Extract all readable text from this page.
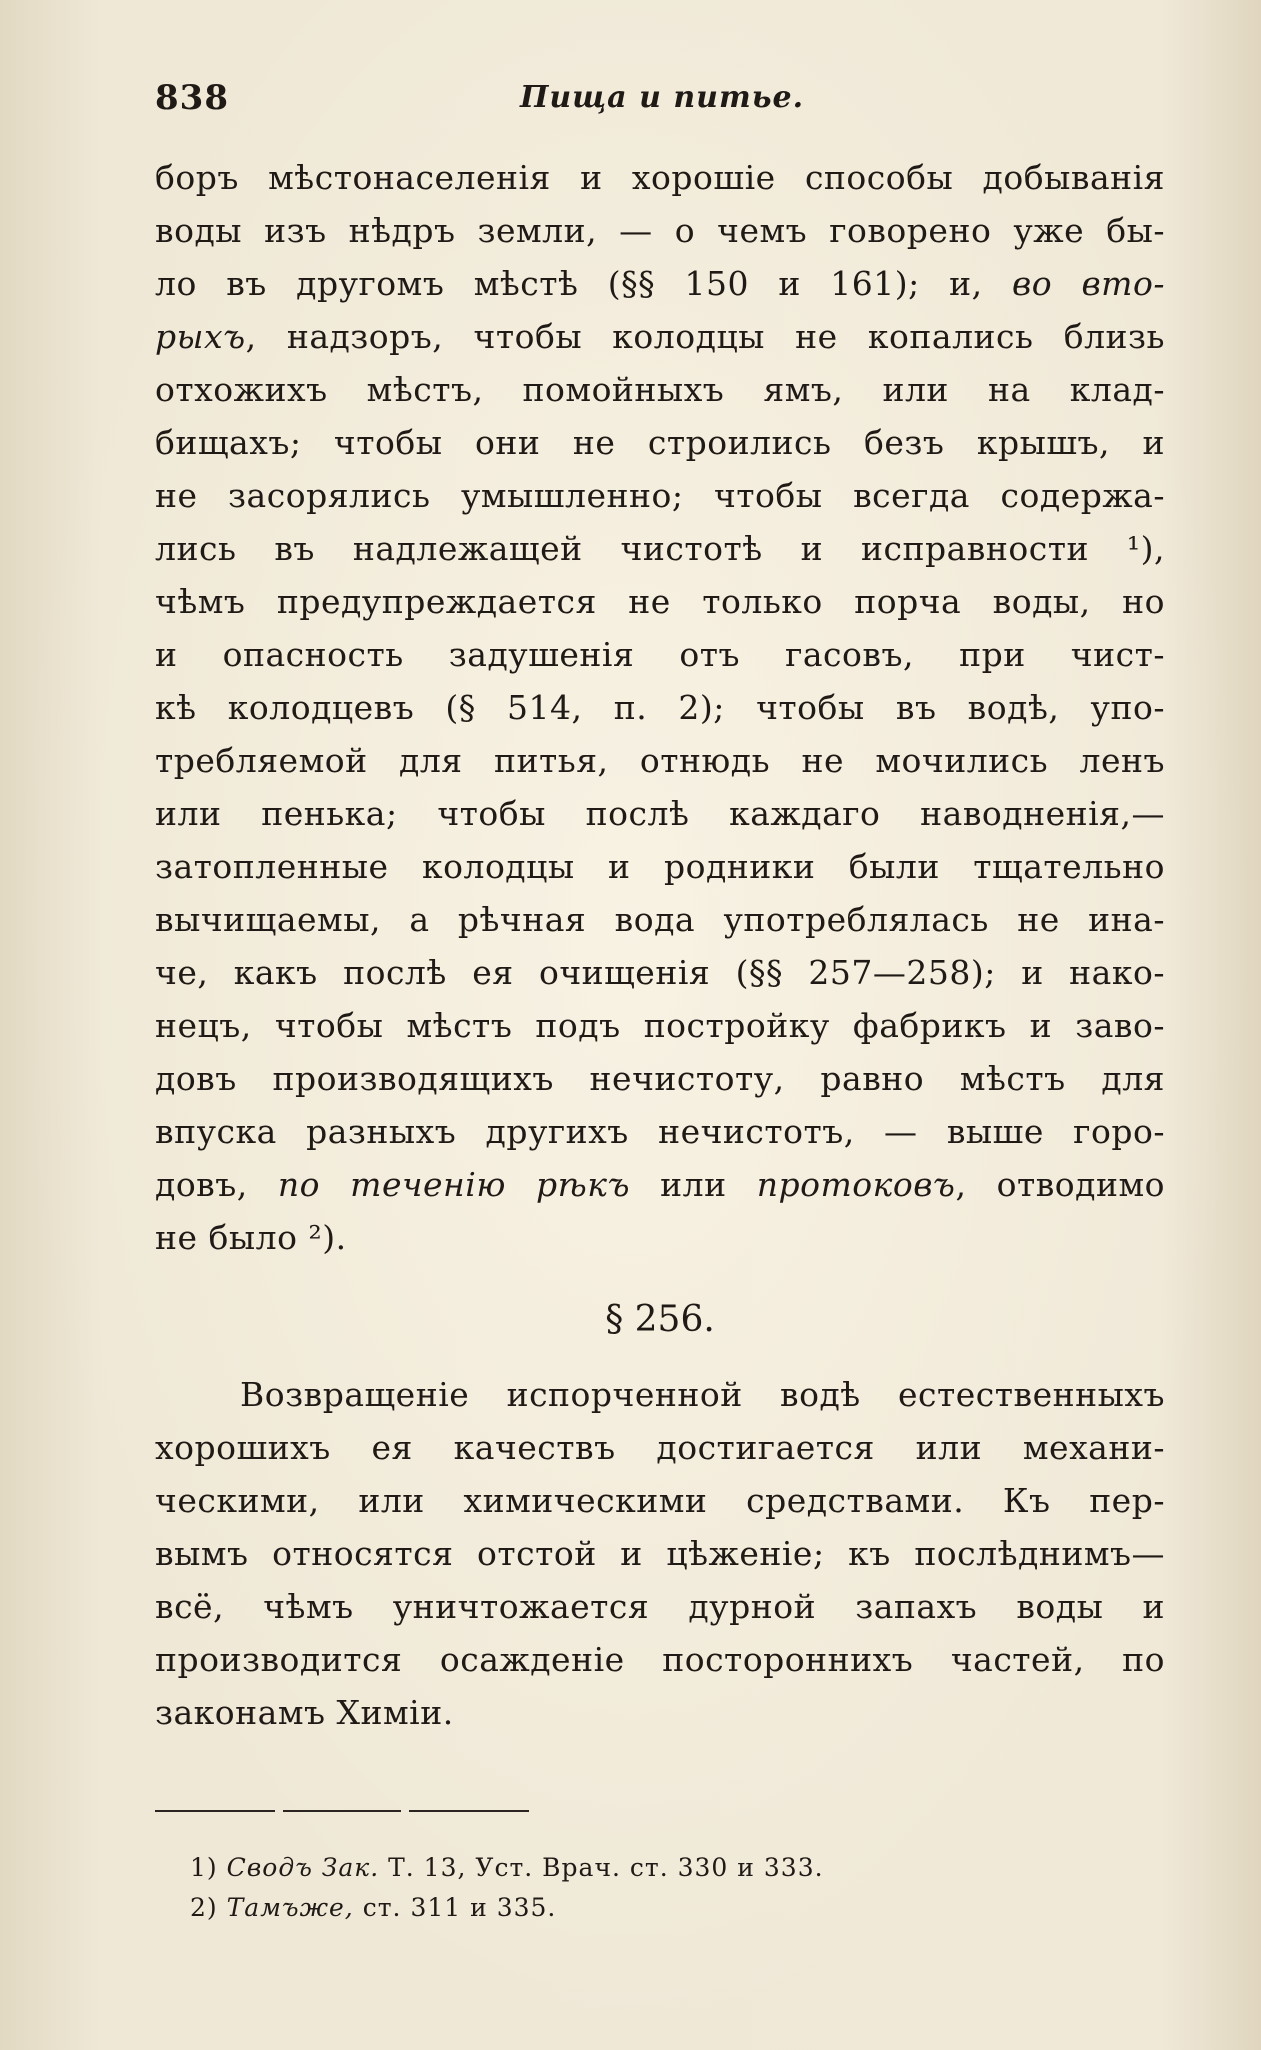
838	Пища и питье.
боръ мѣстонаселенія и хорошіе способы добыванія
воды изъ нѣдръ земли, — о чемъ говорено уже бы-
ло въ другомъ мѣстѣ (§§ 150 и 161); и, во вто-
рыхъ, надзоръ, чтобы колодцы не копались близь
отхожихъ мѣстъ, помойныхъ ямъ, или на клад-
бищахъ; чтобы они не строились безъ крышъ, и
не засорялись умышленно; чтобы всегда содержа-
лись въ надлежащей чистотѣ и исправности ¹),
чѣмъ предупреждается не только порча воды, но
и опасность задушенія отъ гасовъ, при чист-
кѣ колодцевъ (§ 514, п. 2); чтобы въ водѣ, упо-
требляемой для питья, отнюдь не мочились ленъ
или пенька; чтобы послѣ каждаго наводненія,—
затопленные колодцы и родники были тщательно
вычищаемы, а рѣчная вода употреблялась не ина-
че, какъ послѣ ея очищенія (§§ 257—258); и нако-
нецъ, чтобы мѣстъ подъ постройку фабрикъ и заво-
довъ производящихъ нечистоту, равно мѣстъ для
впуска разныхъ другихъ нечистотъ, — выше горо-
довъ, по теченію рѣкъ или протоковъ, отводимо
не было ²).
§ 256.
Возвращеніе испорченной водѣ естественныхъ
хорошихъ ея качествъ достигается или механи-
ческими, или химическими средствами. Къ пер-
вымъ относятся отстой и цѣженіе; къ послѣднимъ—
всё, чѣмъ уничтожается дурной запахъ воды и
производится осажденіе постороннихъ частей, по
законамъ Химіи.
1) Сводъ Зак. Т. 13, Уст. Врач. ст. 330 и 333.
2) Тамъже, ст. 311 и 335.
